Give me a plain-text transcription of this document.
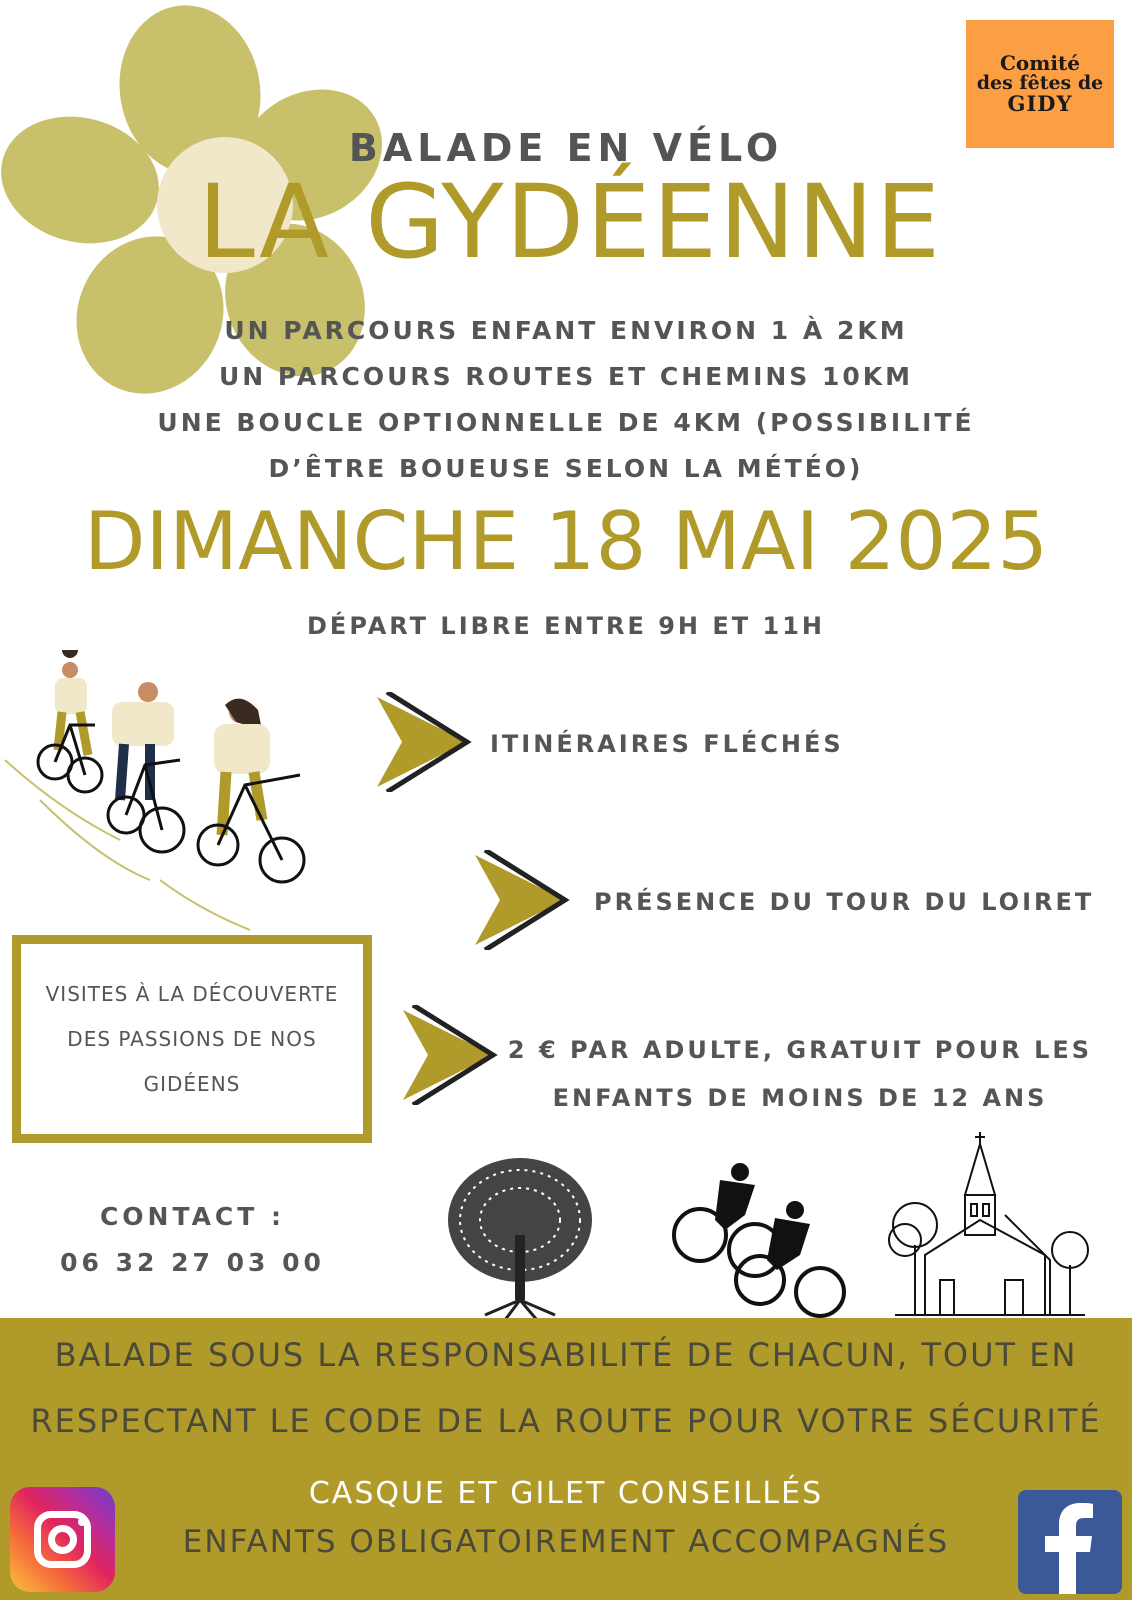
Comité
des fêtes de
GIDY
BALADE EN VÉLO
LA GYDÉENNE
UN PARCOURS ENFANT ENVIRON 1 À 2KM
UN PARCOURS ROUTES ET CHEMINS 10KM
UNE BOUCLE OPTIONNELLE DE 4KM (POSSIBILITÉ
D’ÊTRE BOUEUSE SELON LA MÉTÉO)
DIMANCHE 18 MAI 2025
DÉPART LIBRE ENTRE 9H ET 11H
ITINÉRAIRES FLÉCHÉS
PRÉSENCE DU TOUR DU LOIRET
2 € PAR ADULTE, GRATUIT POUR LES
ENFANTS DE MOINS DE 12 ANS
VISITES À LA DÉCOUVERTE DES PASSIONS DE NOS GIDÉENS
CONTACT :
06 32 27 03 00
BALADE SOUS LA RESPONSABILITÉ DE CHACUN, TOUT EN
RESPECTANT LE CODE DE LA ROUTE POUR VOTRE SÉCURITÉ
CASQUE ET GILET CONSEILLÉS
ENFANTS OBLIGATOIREMENT ACCOMPAGNÉS
